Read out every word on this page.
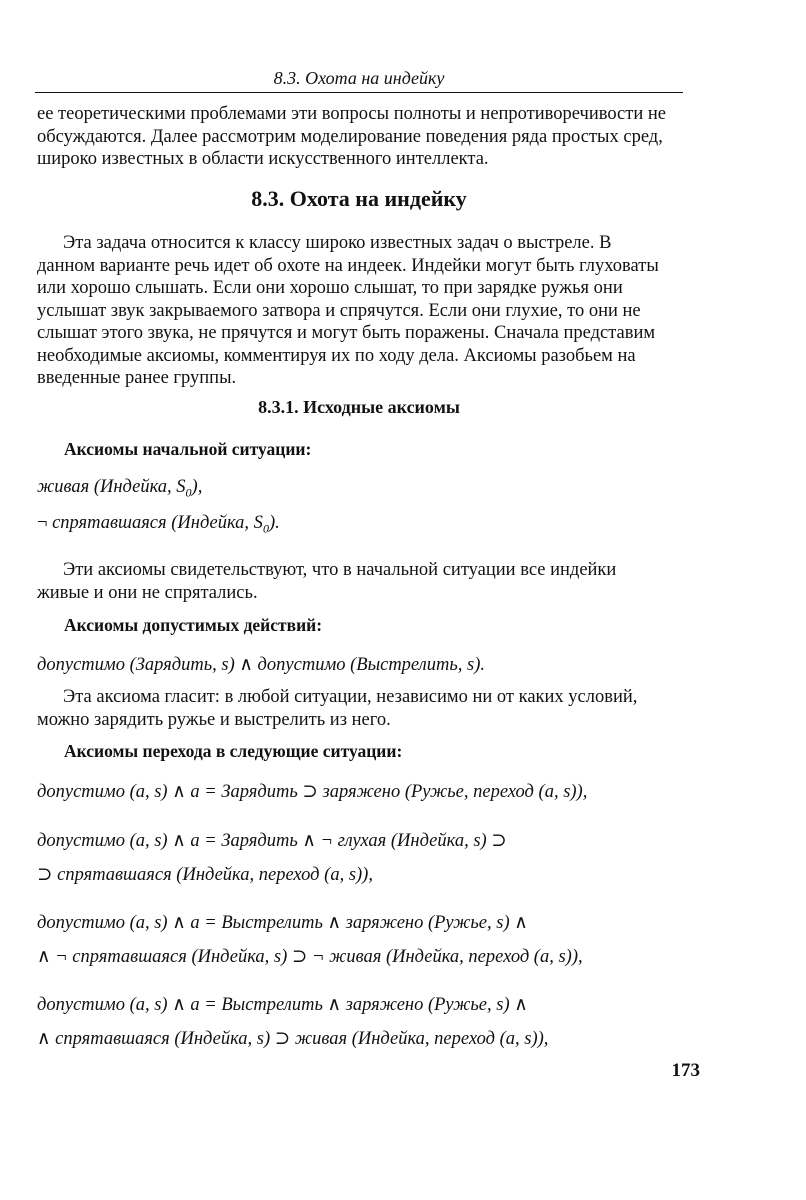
8.3. Охота на индейку
ее теоретическими проблемами эти вопросы полноты и непротиворечивости не
обсуждаются. Далее рассмотрим моделирование поведения ряда простых сред,
широко известных в области искусственного интеллекта.
8.3. Охота на индейку
Эта задача относится к классу широко известных задач о выстреле. В
данном варианте речь идет об охоте на индеек. Индейки могут быть глуховаты
или хорошо слышать. Если они хорошо слышат, то при зарядке ружья они
услышат звук закрываемого затвора и спрячутся. Если они глухие, то они не
слышат этого звука, не прячутся и могут быть поражены. Сначала представим
необходимые аксиомы, комментируя их по ходу дела. Аксиомы разобьем на
введенные ранее группы.
8.3.1. Исходные аксиомы
Аксиомы начальной ситуации:
живая (Индейка, $S_0$),
¬ спрятавшаяся (Индейка, $S_0$).
Эти аксиомы свидетельствуют, что в начальной ситуации все индейки
живые и они не спрятались.
Аксиомы допустимых действий:
допустимо (Зарядить, s) ∧ допустимо (Выстрелить, s).
Эта аксиома гласит: в любой ситуации, независимо ни от каких условий,
можно зарядить ружье и выстрелить из него.
Аксиомы перехода в следующие ситуации:
допустимо (a, s) ∧ a = Зарядить ⊃ заряжено (Ружье, переход (a, s)),
допустимо (a, s) ∧ a = Зарядить ∧ ¬ глухая (Индейка, s) ⊃
⊃ спрятавшаяся (Индейка, переход (a, s)),
допустимо (a, s) ∧ a = Выстрелить ∧ заряжено (Ружье, s) ∧
∧ ¬ спрятавшаяся (Индейка, s) ⊃ ¬ живая (Индейка, переход (a, s)),
допустимо (a, s) ∧ a = Выстрелить ∧ заряжено (Ружье, s) ∧
∧ спрятавшаяся (Индейка, s) ⊃ живая (Индейка, переход (a, s)),
173
